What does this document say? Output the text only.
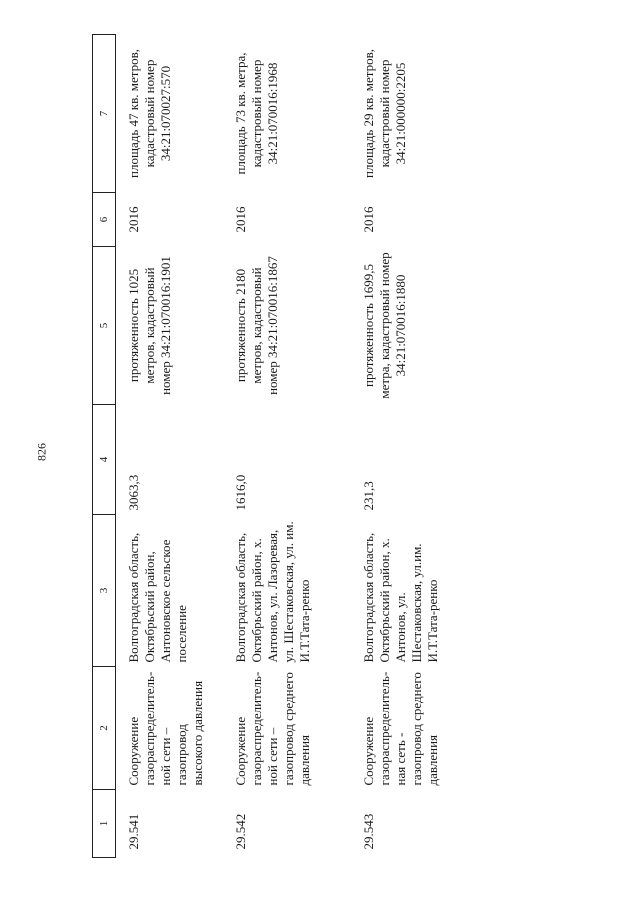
826
1	2	3	4	5	6	7
29.541	Сооружение газораспределитель-ной сети – газопровод высокого давления	Волгоградская область, Октябрьский район, Антоновское сельское поселение	3063,3	протяженность 1025 метров, кадастровый номер 34:21:070016:1901	2016	площадь 47 кв. метров, кадастровый номер 34:21:070027:570
29.542	Сооружение газораспределитель-ной сети – газопровод среднего давления	Волгоградская область, Октябрьский район, х. Антонов, ул. Лазоревая, ул. Шестаковская, ул. им. И.Т.Тата-ренко	1616,0	протяженность 2180 метров, кадастровый номер 34:21:070016:1867	2016	площадь 73 кв. метра, кадастровый номер 34:21:070016:1968
29.543	Сооружение газораспределитель-ная сеть - газопровод среднего давления	Волгоградская область, Октябрьский район, х. Антонов, ул. Шестаковская, ул.им. И.Т.Тата-ренко	231,3	протяженность 1699,5 метра, кадастровый номер 34:21:070016:1880	2016	площадь 29 кв. метров, кадастровый номер 34:21:000000:2205
